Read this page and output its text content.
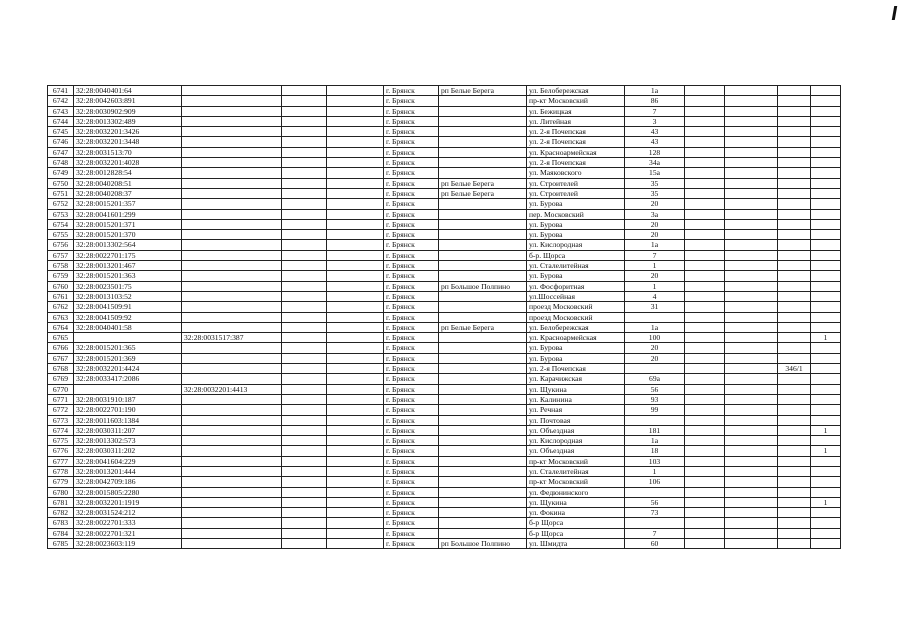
6741	32:28:0040401:64				г. Брянск	рп Белые Берега	ул. Белобережская	1а				
6742	32:28:0042603:891				г. Брянск		пр-кт Московский	86				
6743	32:28:0030902:909				г. Брянск		ул. Бежицкая	7				
6744	32:28:0013302:489				г. Брянск		ул. Литейная	3				
6745	32:28:0032201:3426				г. Брянск		ул. 2-я Почепская	43				
6746	32:28:0032201:3448				г. Брянск		ул. 2-я Почепская	43				
6747	32:28:0031513:70				г. Брянск		ул. Красноармейская	128				
6748	32:28:0032201:4028				г. Брянск		ул. 2-я Почепская	34а				
6749	32:28:0012828:54				г. Брянск		ул. Маяковского	15а				
6750	32:28:0040208:51				г. Брянск	рп Белые Берега	ул. Строителей	35				
6751	32:28:0040208:37				г. Брянск	рп Белые Берега	ул. Строителей	35				
6752	32:28:0015201:357				г. Брянск		ул. Бурова	20				
6753	32:28:0041601:299				г. Брянск		пер. Московский	3а				
6754	32:28:0015201:371				г. Брянск		ул. Бурова	20				
6755	32:28:0015201:370				г. Брянск		ул. Бурова	20				
6756	32:28:0013302:564				г. Брянск		ул. Кислородная	1а				
6757	32:28:0022701:175				г. Брянск		б-р. Щорса	7				
6758	32:28:0013201:467				г. Брянск		ул. Сталелитейная	1				
6759	32:28:0015201:363				г. Брянск		ул. Бурова	20				
6760	32:28:0023501:75				г. Брянск	рп Большое Полпино	ул. Фосфоритная	1				
6761	32:28:0013103:52				г. Брянск		ул.Шоссейная	4				
6762	32:28:0041509:91				г. Брянск		проезд Московский	31				
6763	32:28:0041509:92				г. Брянск		проезд Московский					
6764	32:28:0040401:58				г. Брянск	рп Белые Берега	ул. Белобережская	1а				
6765		32:28:0031517:387			г. Брянск		ул. Красноармейская	100				1
6766	32:28:0015201:365				г. Брянск		ул. Бурова	20				
6767	32:28:0015201:369				г. Брянск		ул. Бурова	20				
6768	32:28:0032201:4424				г. Брянск		ул. 2-я Почепская				346/1	
6769	32:28:0033417:2086				г. Брянск		ул. Карачижская	69а				
6770		32:28:0032201:4413			г. Брянск		ул. Щукина	56				
6771	32:28:0031910:187				г. Брянск		ул. Калинина	93				
6772	32:28:0022701:190				г. Брянск		ул. Речная	99				
6773	32:28:0011603:1384				г. Брянск		ул. Почтовая					
6774	32:28:0030311:207				г. Брянск		ул. Объездная	181				1
6775	32:28:0013302:573				г. Брянск		ул. Кислородная	1а				
6776	32:28:0030311:202				г. Брянск		ул. Объездная	18				1
6777	32:28:0041604:229				г. Брянск		пр-кт Московский	103				
6778	32:28:0013201:444				г. Брянск		ул. Сталелитейная	1				
6779	32:28:0042709:186				г. Брянск		пр-кт Московский	106				
6780	32:28:0015805:2280				г. Брянск		ул. Федюнинского					
6781	32:28:0032201:1919				г. Брянск		ул. Щукина	56				1
6782	32:28:0031524:212				г. Брянск		ул. Фокина	73				
6783	32:28:0022701:333				г. Брянск		б-р Щорса					
6784	32:28:0022701:321				г. Брянск		б-р Щорса	7				
6785	32:28:0023603:119				г. Брянск	рп Большое Полпино	ул. Шмидта	60				
